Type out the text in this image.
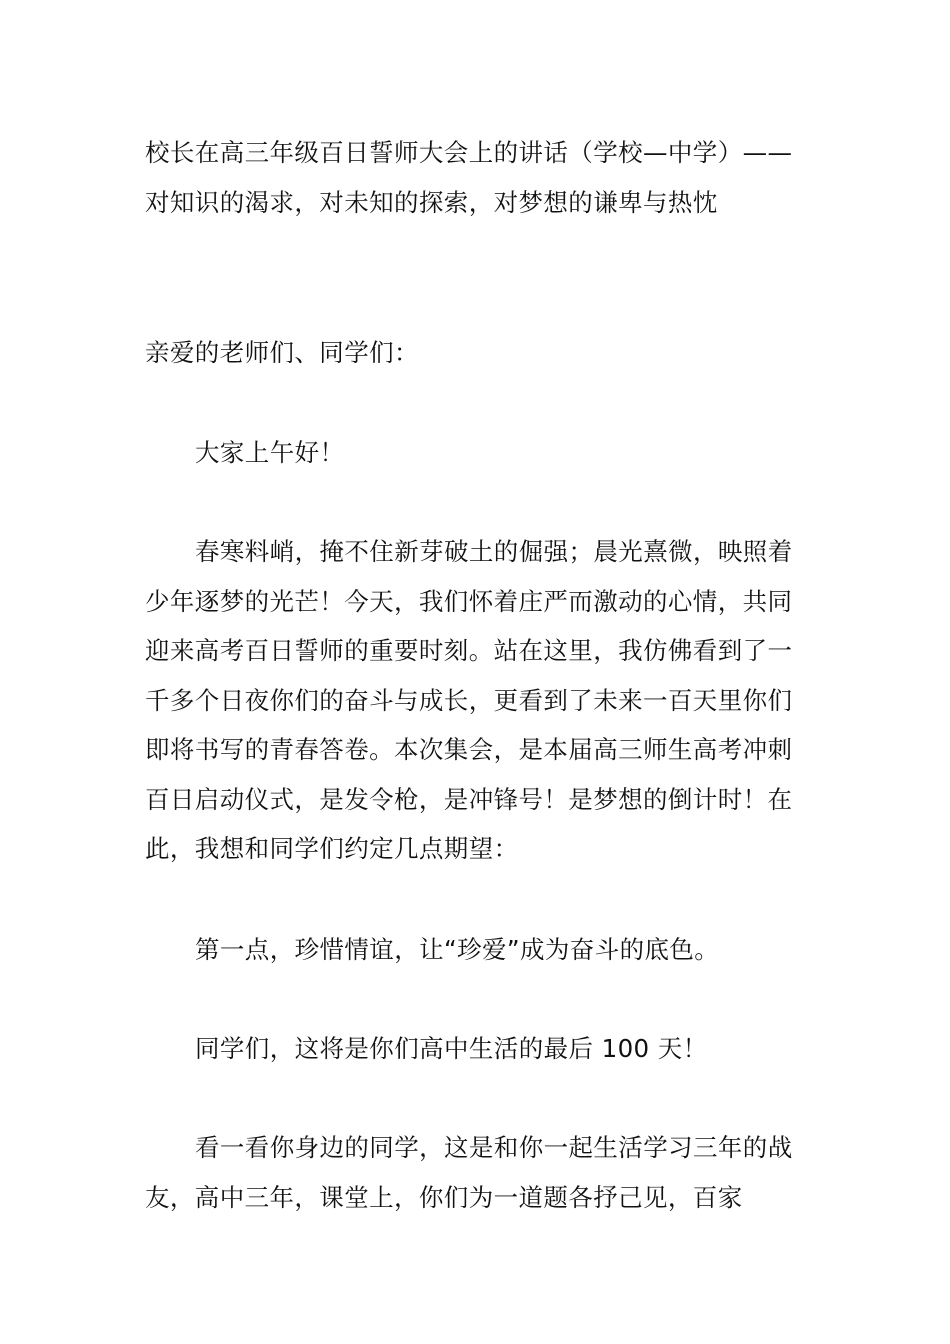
校长在高三年级百日誓师大会上的讲话（学校—中学）——对知识的渴求，对未知的探索，对梦想的谦卑与热忱

亲爱的老师们、同学们：

大家上午好！

春寒料峭，掩不住新芽破土的倔强；晨光熹微，映照着少年逐梦的光芒！今天，我们怀着庄严而激动的心情，共同迎来高考百日誓师的重要时刻。站在这里，我仿佛看到了一千多个日夜你们的奋斗与成长，更看到了未来一百天里你们即将书写的青春答卷。本次集会，是本届高三师生高考冲刺百日启动仪式，是发令枪，是冲锋号！是梦想的倒计时！在此，我想和同学们约定几点期望：

第一点，珍惜情谊，让“珍爱”成为奋斗的底色。

同学们，这将是你们高中生活的最后 100 天！

看一看你身边的同学，这是和你一起生活学习三年的战友，高中三年，课堂上，你们为一道题各抒己见，百家
